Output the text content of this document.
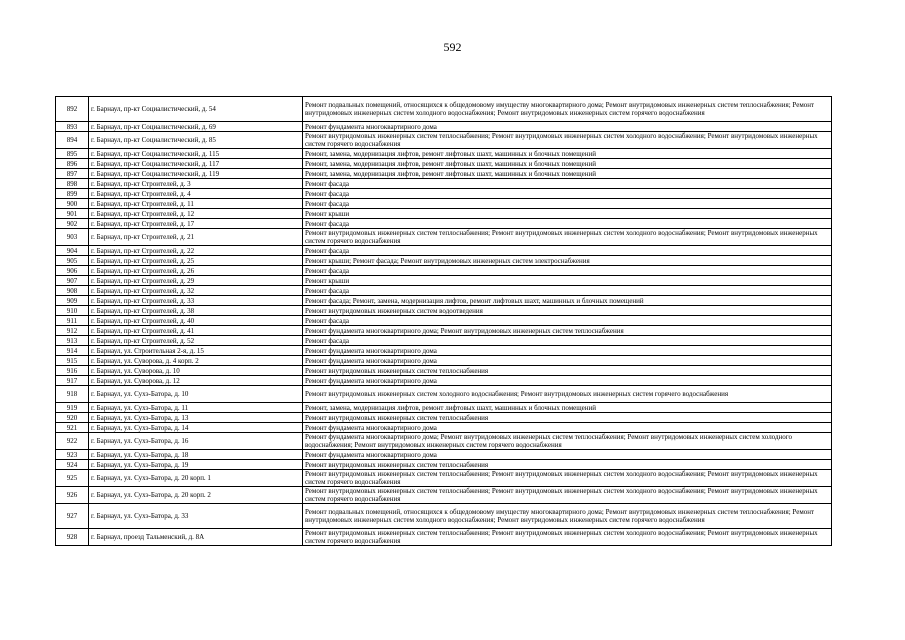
592
892	г. Барнаул, пр-кт Социалистический, д. 54	Ремонт подвальных помещений, относящихся к общедомовому имуществу многоквартирного дома; Ремонт внутридомовых инженерных систем теплоснабжения; Ремонт внутридомовых инженерных систем холодного водоснабжения; Ремонт внутридомовых инженерных систем горячего водоснабжения
893	г. Барнаул, пр-кт Социалистический, д. 69	Ремонт фундамента многоквартирного дома
894	г. Барнаул, пр-кт Социалистический, д. 85	Ремонт внутридомовых инженерных систем теплоснабжения; Ремонт внутридомовых инженерных систем холодного водоснабжения; Ремонт внутридомовых инженерных систем горячего водоснабжения
895	г. Барнаул, пр-кт Социалистический, д. 115	Ремонт, замена, модернизация лифтов, ремонт лифтовых шахт, машинных и блочных помещений
896	г. Барнаул, пр-кт Социалистический, д. 117	Ремонт, замена, модернизация лифтов, ремонт лифтовых шахт, машинных и блочных помещений
897	г. Барнаул, пр-кт Социалистический, д. 119	Ремонт, замена, модернизация лифтов, ремонт лифтовых шахт, машинных и блочных помещений
898	г. Барнаул, пр-кт Строителей, д. 3	Ремонт фасада
899	г. Барнаул, пр-кт Строителей, д. 4	Ремонт фасада
900	г. Барнаул, пр-кт Строителей, д. 11	Ремонт фасада
901	г. Барнаул, пр-кт Строителей, д. 12	Ремонт крыши
902	г. Барнаул, пр-кт Строителей, д. 17	Ремонт фасада
903	г. Барнаул, пр-кт Строителей, д. 21	Ремонт внутридомовых инженерных систем теплоснабжения; Ремонт внутридомовых инженерных систем холодного водоснабжения; Ремонт внутридомовых инженерных систем горячего водоснабжения
904	г. Барнаул, пр-кт Строителей, д. 22	Ремонт фасада
905	г. Барнаул, пр-кт Строителей, д. 25	Ремонт крыши; Ремонт фасада; Ремонт внутридомовых инженерных систем электроснабжения
906	г. Барнаул, пр-кт Строителей, д. 26	Ремонт фасада
907	г. Барнаул, пр-кт Строителей, д. 29	Ремонт крыши
908	г. Барнаул, пр-кт Строителей, д. 32	Ремонт фасада
909	г. Барнаул, пр-кт Строителей, д. 33	Ремонт фасада; Ремонт, замена, модернизация лифтов, ремонт лифтовых шахт, машинных и блочных помещений
910	г. Барнаул, пр-кт Строителей, д. 38	Ремонт внутридомовых инженерных систем водоотведения
911	г. Барнаул, пр-кт Строителей, д. 40	Ремонт фасада
912	г. Барнаул, пр-кт Строителей, д. 41	Ремонт фундамента многоквартирного дома; Ремонт внутридомовых инженерных систем теплоснабжения
913	г. Барнаул, пр-кт Строителей, д. 52	Ремонт фасада
914	г. Барнаул, ул. Строительная 2-я, д. 15	Ремонт фундамента многоквартирного дома
915	г. Барнаул, ул. Суворова, д. 4 корп. 2	Ремонт фундамента многоквартирного дома
916	г. Барнаул, ул. Суворова, д. 10	Ремонт внутридомовых инженерных систем теплоснабжения
917	г. Барнаул, ул. Суворова, д. 12	Ремонт фундамента многоквартирного дома
918	г. Барнаул, ул. Сухэ-Батора, д. 10	Ремонт внутридомовых инженерных систем холодного водоснабжения; Ремонт внутридомовых инженерных систем горячего водоснабжения
919	г. Барнаул, ул. Сухэ-Батора, д. 11	Ремонт, замена, модернизация лифтов, ремонт лифтовых шахт, машинных и блочных помещений
920	г. Барнаул, ул. Сухэ-Батора, д. 13	Ремонт внутридомовых инженерных систем теплоснабжения
921	г. Барнаул, ул. Сухэ-Батора, д. 14	Ремонт фундамента многоквартирного дома
922	г. Барнаул, ул. Сухэ-Батора, д. 16	Ремонт фундамента многоквартирного дома; Ремонт внутридомовых инженерных систем теплоснабжения; Ремонт внутридомовых инженерных систем холодного водоснабжения; Ремонт внутридомовых инженерных систем горячего водоснабжения
923	г. Барнаул, ул. Сухэ-Батора, д. 18	Ремонт фундамента многоквартирного дома
924	г. Барнаул, ул. Сухэ-Батора, д. 19	Ремонт внутридомовых инженерных систем теплоснабжения
925	г. Барнаул, ул. Сухэ-Батора, д. 20 корп. 1	Ремонт внутридомовых инженерных систем теплоснабжения; Ремонт внутридомовых инженерных систем холодного водоснабжения; Ремонт внутридомовых инженерных систем горячего водоснабжения
926	г. Барнаул, ул. Сухэ-Батора, д. 20 корп. 2	Ремонт внутридомовых инженерных систем теплоснабжения; Ремонт внутридомовых инженерных систем холодного водоснабжения; Ремонт внутридомовых инженерных систем горячего водоснабжения
927	г. Барнаул, ул. Сухэ-Батора, д. 33	Ремонт подвальных помещений, относящихся к общедомовому имуществу многоквартирного дома; Ремонт внутридомовых инженерных систем теплоснабжения; Ремонт внутридомовых инженерных систем холодного водоснабжения; Ремонт внутридомовых инженерных систем горячего водоснабжения
928	г. Барнаул, проезд Тальменский, д. 8А	Ремонт внутридомовых инженерных систем теплоснабжения; Ремонт внутридомовых инженерных систем холодного водоснабжения; Ремонт внутридомовых инженерных систем горячего водоснабжения
